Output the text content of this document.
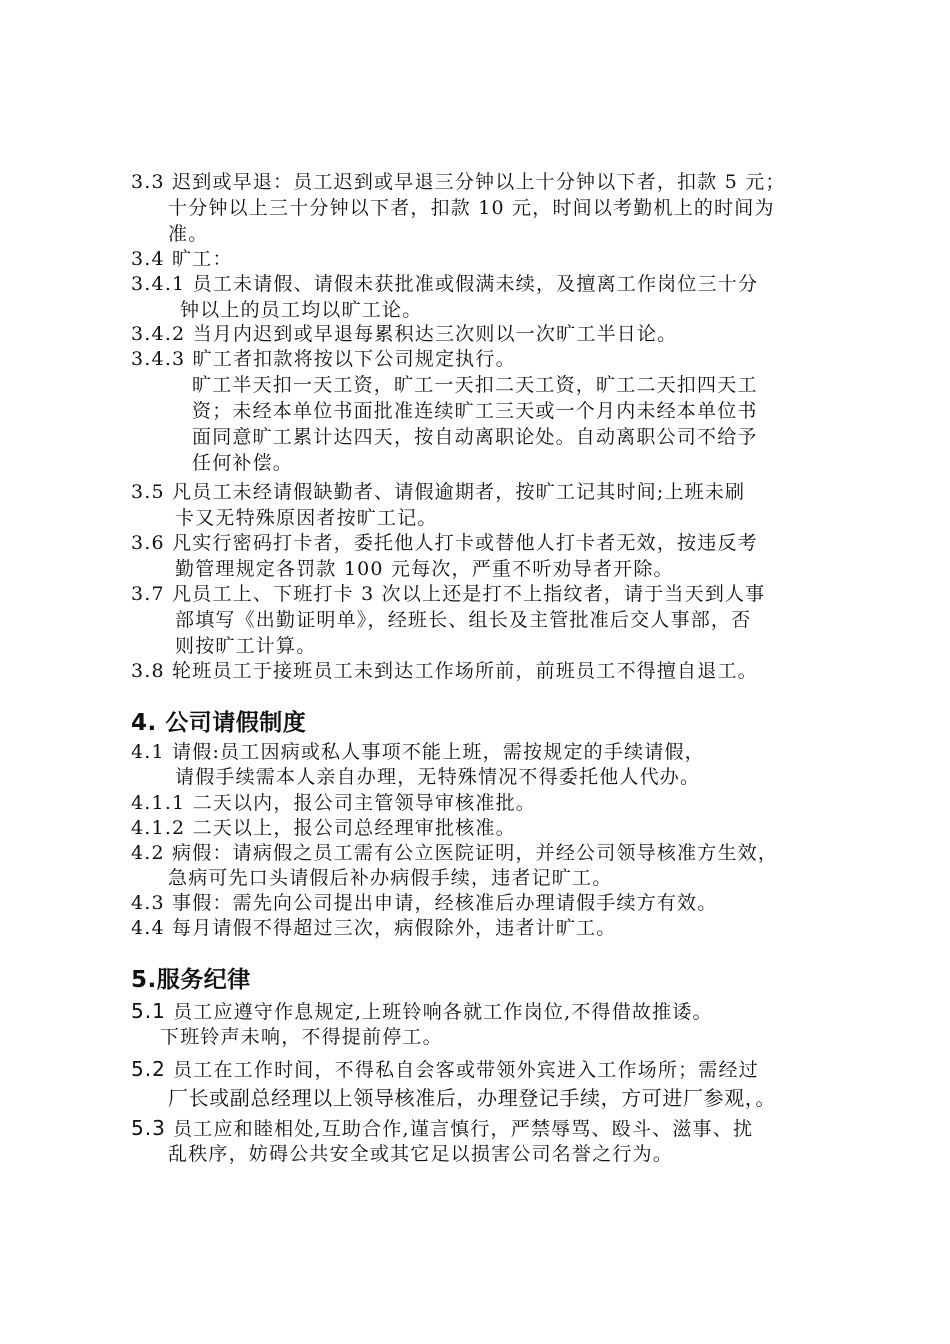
3.3 迟到或早退：员工迟到或早退三分钟以上十分钟以下者，扣款 5 元；
十分钟以上三十分钟以下者，扣款 10 元，时间以考勤机上的时间为
准。
3.4 旷工：
3.4.1 员工未请假、请假未获批准或假满未续，及擅离工作岗位三十分
钟以上的员工均以旷工论。
3.4.2 当月内迟到或早退每累积达三次则以一次旷工半日论。
3.4.3 旷工者扣款将按以下公司规定执行。
旷工半天扣一天工资，旷工一天扣二天工资，旷工二天扣四天工
资；未经本单位书面批准连续旷工三天或一个月内未经本单位书
面同意旷工累计达四天，按自动离职论处。自动离职公司不给予
任何补偿。
3.5 凡员工未经请假缺勤者、请假逾期者，按旷工记其时间;上班未刷
卡又无特殊原因者按旷工记。
3.6 凡实行密码打卡者，委托他人打卡或替他人打卡者无效，按违反考
勤管理规定各罚款 100 元每次，严重不听劝导者开除。
3.7 凡员工上、下班打卡 3 次以上还是打不上指纹者，请于当天到人事
部填写《出勤证明单》，经班长、组长及主管批准后交人事部，否
则按旷工计算。
3.8 轮班员工于接班员工未到达工作场所前，前班员工不得擅自退工。
4. 公司请假制度
4.1 请假:员工因病或私人事项不能上班，需按规定的手续请假，
请假手续需本人亲自办理，无特殊情况不得委托他人代办。
4.1.1 二天以内，报公司主管领导审核准批。
4.1.2 二天以上，报公司总经理审批核准。
4.2 病假：请病假之员工需有公立医院证明，并经公司领导核准方生效，
急病可先口头请假后补办病假手续，违者记旷工。
4.3 事假：需先向公司提出申请，经核准后办理请假手续方有效。
4.4 每月请假不得超过三次，病假除外，违者计旷工。
5.服务纪律
5.1 员工应遵守作息规定,上班铃响各就工作岗位,不得借故推诿。
下班铃声未响，不得提前停工。
5.2 员工在工作时间，不得私自会客或带领外宾进入工作场所；需经过
厂长或副总经理以上领导核准后，办理登记手续，方可进厂参观，。
5.3 员工应和睦相处,互助合作,谨言慎行，严禁辱骂、殴斗、滋事、扰
乱秩序，妨碍公共安全或其它足以损害公司名誉之行为。
